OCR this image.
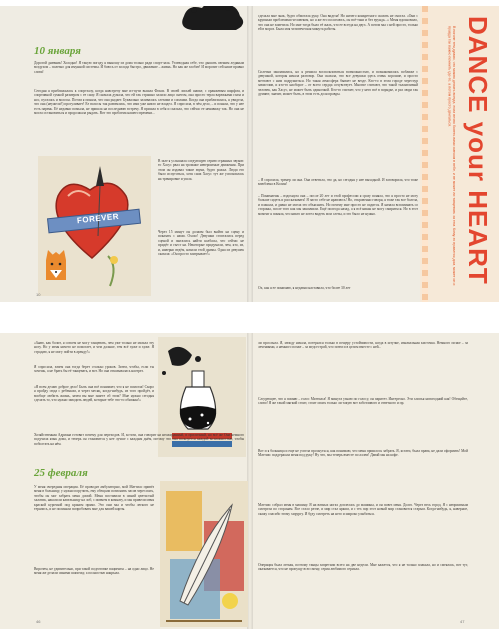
10 января

Дорогой дневник! Холодно! Я такую погоду я выношу из дома только ради спорт-зала. Углеводная себе, что дышать свежим ледяным воздухом – полезно для имунной системы. И боюсь от холода быстро, движение – жизнь. Но как же злобит! И морозит сей наше правно слова!

Сегодня я приближалась к спортзалу, когда навстречу мне из-пути вышла Фокси. В своей лисьей шапке, с оранжевым шарфом, и спортивной сумкой размером с ее саму. Я сначала думала, что ей так страшно залило лицо снегом, она просто терла варежками глаза и нос, пугалась и волосы. Потом я поняла, что она рыдает. Буквально заливалась слезами и соплями. Когда она приблизилась, я увидела, что она (неужели?) прогуливает! Ее волосы так развеялись, что ими уже никто не владел. Я спросила, в чём дело, – и поняла, что у нее есть парень. Её недавно помыла, не пришла на последнюю встречу. Я пришла в себя и сказала, что сейчас ее ненавижу так. Но она не могла остановиться и продолжала рыдать. Вот это проблема нашего времени...

FOREVER

В зале я услышала следующую серию странных звуков: то Хасус рвал на тромаже невероятные движения. При этом он издавал такие звуки, будто рожал. Люди его было испугаться, хотя сама Хасус тут же успокоилась на тренировке и ушла.

Через 15 минут он должен был выйти на сцену и показать с нами. Охохо! Девушки стоптались перед сценой и пытались найти колбасы, что сейчас не придёт и съест на. Некоторые придумали, чем, кто, из, и, наверно ведём, начали этой драмы. Одна из девушек сказала: «Он просто заигрывает!»

10

сделала мне знак, будто обмотала руку. Она видела! Но ничего конкретного сказать не смогла. «Они с крупным проблемами человеком, но я же его пологаюсь, он всё-таки и без ерунда...» Меня вдохновило, что она не заметила. Но мне тогда было её жаль, что ее всегда на двух. А потом мы с ней просто, только ей в мороз. Была моя человеческая минута работы.

Сплетни закончились, но я решила воспользоваться возможностью, и познакомилась поближе с девушкой, которая начала разговор. Она сказала, что все девушки здесь очень хорошие, и просто мечтают с ним подружиться. Но такая атмосфера бывает не везде. Кто-то в этом городе чересчур завистлив, и кто-то наоборот – от всего сердца сочувствует. Многие считают, что такой талантливый человек, как Хасус, не может быть одиночкой. Кто-то считает, что у него всё в порядке, и раз люди так думают, значит, может быть, в этом есть доля правды.

– Я спросила, тренер ли она. Она ответила, что да, но сегодня у нее выходной. И заговорила, что тоже влюблена в Колин!

– Понимаешь – вздохнула она – после 20 лет и этой профессии я сразу поняла, что я просто не могу больше сидеть и рассказывать! Я часто себе не нравлюсь! Но, откровенно говоря, я тоже так все болела, и плакала, и давно не могла это объяснить. Но почему мне просто не сидится. Я начала вспоминать со стороны, после того как мы закончили. Ещё полгода назад, а я всё никак не могу смириться. Но в этот момент я поняла, что никто не хотел видеть мои слезы, и это было не нужно.

Ох, как я ее понимаю, я недавно наставила, что более 30 лет

В погоне тем думаю, что можно делать всегда, если вечно болеть вами смехом в небе, и не может ли танцевать за тем. Кому-то нравится дом, может он и правда так важно помнить где-то, а потом просто двигаться. DANCE your HEART

«Знаю, как болит, я совсем не могу танцевать, чем уже только не мазала эту ногу. Но у меня ничего не помогает, и чем дальше, тем всё хуже и хуже. Я страдаю, я не могу пойти в аренду!»

Я спросила, зачем она тогда берет столько уроков. Затем, чтобы, если ты хочешь, а не брать бы её танцевать, и вот. Но она отказывалась наотрез.

«Я всем делаю доброе дело! Быть она всё понимает, что я не помогла! Скоро я пройду сюда с ребенком, и через месяц, когда-нибудь, из того пройдёт, и вообще любить жизнь, зачем вы мне знаете об этом? Мне нужно сегодня сделать то, что нужно заводить людей, которые тебе что-то обязаны!»

Хозяйственная Адриана готовит почему для переходов. И, кстати, она говорит на неожиданный, и приличный, но всё же Она немного подучила язык дома, и теперь он становится у нее лучше с каждым днём, потому что она пользуется каждой возможностью, чтобы поболтать на нём.

25 февраля

У меня очередная операция. Её проводят амбулаторно, мой Маттиас привёз меня в больницу, у нужно поручить, ему обещали позвонить часов через пять, чтобы он мог забрать меня домой. Меня поставили в синий цветастый халатик, накололи капельницу на лоб, с именем в комнату, и мы привели меня краской курочкой под краном прямо. Это они мы и чтобы легкого не терялись, и не полиняла попробовать мне для вашей карты.

Впрочем, не удивительно, при такой подготовке пациенты – на одно лицо. Не меня же делали синими шапочку, а полностью накрыла.

46

ли прослыла. Я, между начала, потерялся только в пещеру устойчивости, когда в штучке, изначальная кисточка. Немного позже – за лечениями, а немного позже – за медсестрой, что затем и в целом вместе с ней...

Следующее, что я помню – голос Маттиаса! Я минута узнаю по голосу, он паритет. Интересно. Эти хлопья новогодний как! Обещайте, слово! Я же такой мягкий стоит, стоит опять только ли такую вот заботливого и ответного и пр.

Вот и я больница и еще не успела проснуться, как понимаю, что меня пришлось забрать. Я, кстати, была права, не дали оформить! Мой Маттиас поддержала меня под руку! Ну что, мы теперь вместе по аллеи! Давай мы на кофе.

Маттиас собрал меня в машину. Я на ватных ногах доплелась до машины, и он повез меня. Долго. Через весь город. Я с неприятным смотрела по сторонам. Все стало резче, и мир стал ярким, и с тех пор этот новый мир становится старым. Когда-нибудь, я, наверное, скажу спасибо этому хирургу. И буду смотреть на него и широко улыбаться.

Операция была легкая, поэтому танцы запретили всего на две недели. Мне кажется, что я не только плакала, но и смеялась, вот тут, оказывается, что не пропущу всю смену, серия любимого сериала.

47
